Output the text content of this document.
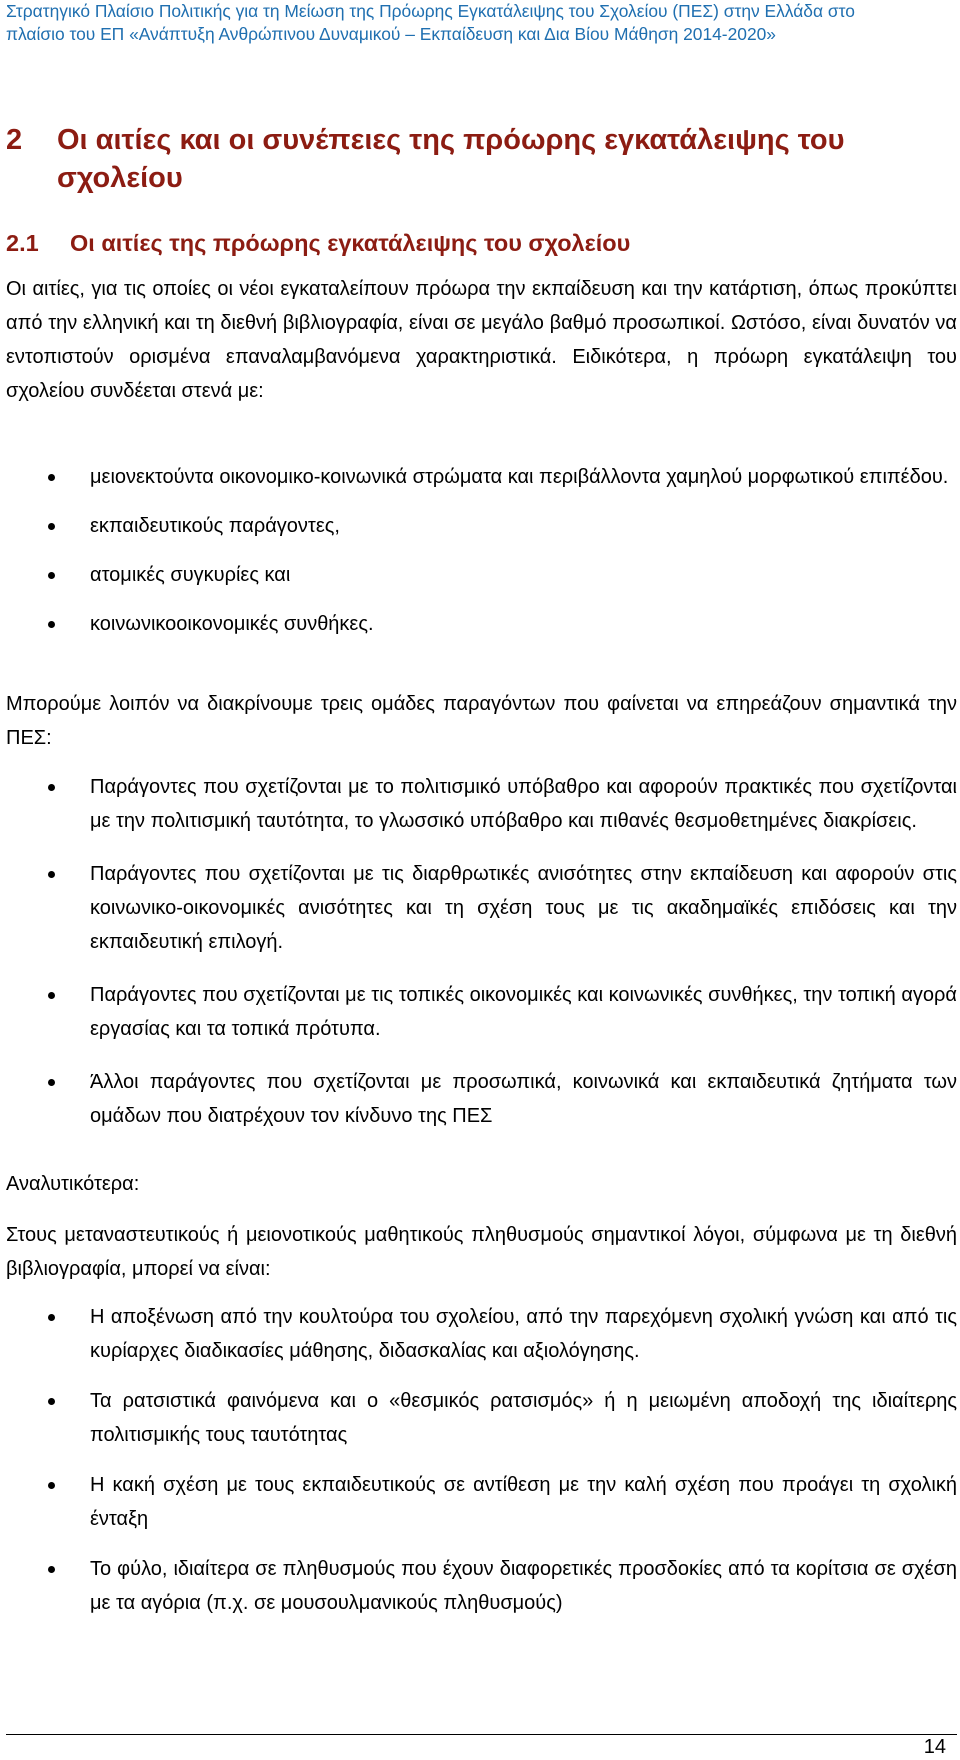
Στρατηγικό Πλαίσιο Πολιτικής για τη Μείωση της Πρόωρης Εγκατάλειψης του Σχολείου (ΠΕΣ) στην Ελλάδα στο
πλαίσιο του ΕΠ «Ανάπτυξη Ανθρώπινου Δυναμικού – Εκπαίδευση και Δια Βίου Μάθηση 2014-2020»
2 Οι αιτίες και οι συνέπειες της πρόωρης εγκατάλειψης του σχολείου
2.1 Οι αιτίες της πρόωρης εγκατάλειψης του σχολείου
Οι αιτίες, για τις οποίες οι νέοι εγκαταλείπουν πρόωρα την εκπαίδευση και την κατάρτιση, όπως προκύπτει από την ελληνική και τη διεθνή βιβλιογραφία, είναι σε μεγάλο βαθμό προσωπικοί. Ωστόσο, είναι δυνατόν να εντοπιστούν ορισμένα επαναλαμβανόμενα χαρακτηριστικά. Ειδικότερα, η πρόωρη εγκατάλειψη του σχολείου συνδέεται στενά με:
μειονεκτούντα οικονομικο-κοινωνικά στρώματα και περιβάλλοντα χαμηλού μορφωτικού επιπέδου.
εκπαιδευτικούς παράγοντες,
ατομικές συγκυρίες και
κοινωνικοοικονομικές συνθήκες.
Μπορούμε λοιπόν να διακρίνουμε τρεις ομάδες παραγόντων που φαίνεται να επηρεάζουν σημαντικά την ΠΕΣ:
Παράγοντες που σχετίζονται με το πολιτισμικό υπόβαθρο και αφορούν πρακτικές που σχετίζονται με την πολιτισμική ταυτότητα, το γλωσσικό υπόβαθρο και πιθανές θεσμοθετημένες διακρίσεις.
Παράγοντες που σχετίζονται με τις διαρθρωτικές ανισότητες στην εκπαίδευση και αφορούν στις κοινωνικο-οικονομικές ανισότητες και τη σχέση τους με τις ακαδημαϊκές επιδόσεις και την εκπαιδευτική επιλογή.
Παράγοντες που σχετίζονται με τις τοπικές οικονομικές και κοινωνικές συνθήκες, την τοπική αγορά εργασίας και τα τοπικά πρότυπα.
Άλλοι παράγοντες που σχετίζονται με προσωπικά, κοινωνικά και εκπαιδευτικά ζητήματα των ομάδων που διατρέχουν τον κίνδυνο της ΠΕΣ
Αναλυτικότερα:
Στους μεταναστευτικούς ή μειονοτικούς μαθητικούς πληθυσμούς σημαντικοί λόγοι, σύμφωνα με τη διεθνή βιβλιογραφία, μπορεί να είναι:
Η αποξένωση από την κουλτούρα του σχολείου, από την παρεχόμενη σχολική γνώση και από τις κυρίαρχες διαδικασίες μάθησης, διδασκαλίας και αξιολόγησης.
Τα ρατσιστικά φαινόμενα και ο «θεσμικός ρατσισμός» ή η μειωμένη αποδοχή της ιδιαίτερης πολιτισμικής τους ταυτότητας
Η κακή σχέση με τους εκπαιδευτικούς σε αντίθεση με την καλή σχέση που προάγει τη σχολική ένταξη
Το φύλο, ιδιαίτερα σε πληθυσμούς που έχουν διαφορετικές προσδοκίες από τα κορίτσια σε σχέση με τα αγόρια (π.χ. σε μουσουλμανικούς πληθυσμούς)
14
